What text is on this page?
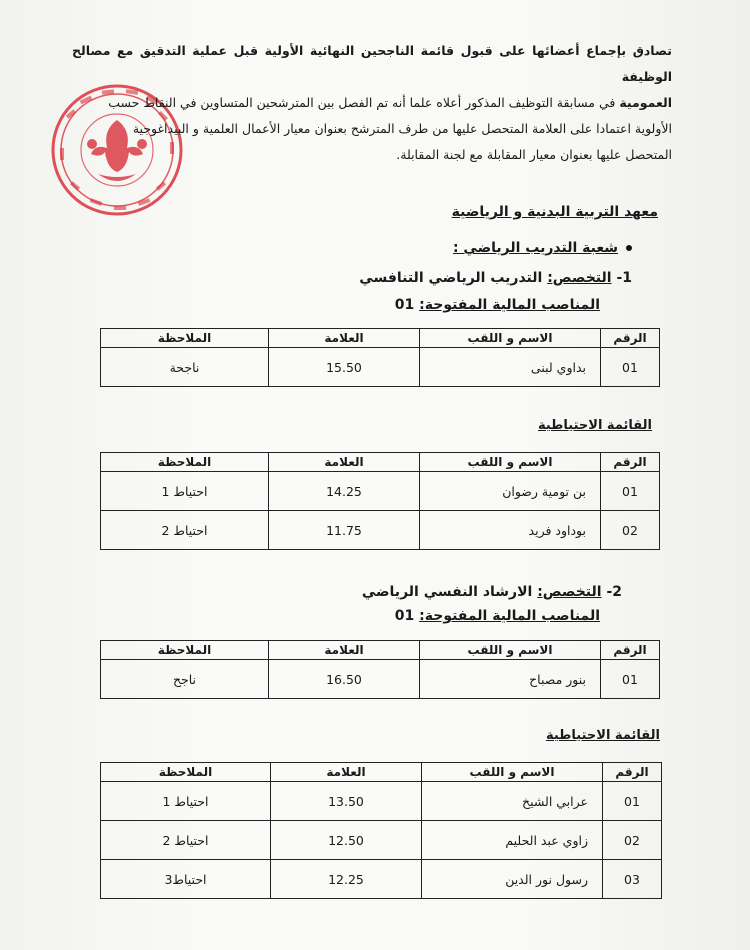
تصادق بإجماع أعضائها على قبول قائمة الناجحين النهائية الأولية قبل عملية التدقيق مع مصالح الوظيفة

العمومية في مسابقة التوظيف المذكور أعلاه علما أنه تم الفصل بين المترشحين المتساوين في النقاط حسب

الأولوية اعتمادا على العلامة المتحصل عليها من طرف المترشح بعنوان معيار الأعمال العلمية و البيداغوجية

المتحصل عليها بعنوان معيار المقابلة مع لجنة المقابلة.

معهد التربية البدنية و الرياضية
شعبة التدريب الرياضي :
1- التخصص: التدريب الرياضي التنافسي
المناصب المالية المفتوحة: 01
الرقم	الاسم و اللقب	العلامة	الملاحظة
01	بداوي لبنى	15.50	ناجحة
القائمة الاحتياطية
الرقم	الاسم و اللقب	العلامة	الملاحظة
01	بن تومية رضوان	14.25	احتياط 1
02	بوداود فريد	11.75	احتياط 2
2- التخصص: الارشاد النفسي الرياضي
المناصب المالية المفتوحة: 01
الرقم	الاسم و اللقب	العلامة	الملاحظة
01	بنور مصباح	16.50	ناجح
القائمة الاحتياطية
الرقم	الاسم و اللقب	العلامة	الملاحظة
01	عرابي الشيخ	13.50	احتياط 1
02	زاوي عبد الحليم	12.50	احتياط 2
03	رسول نور الدين	12.25	احتياط3
